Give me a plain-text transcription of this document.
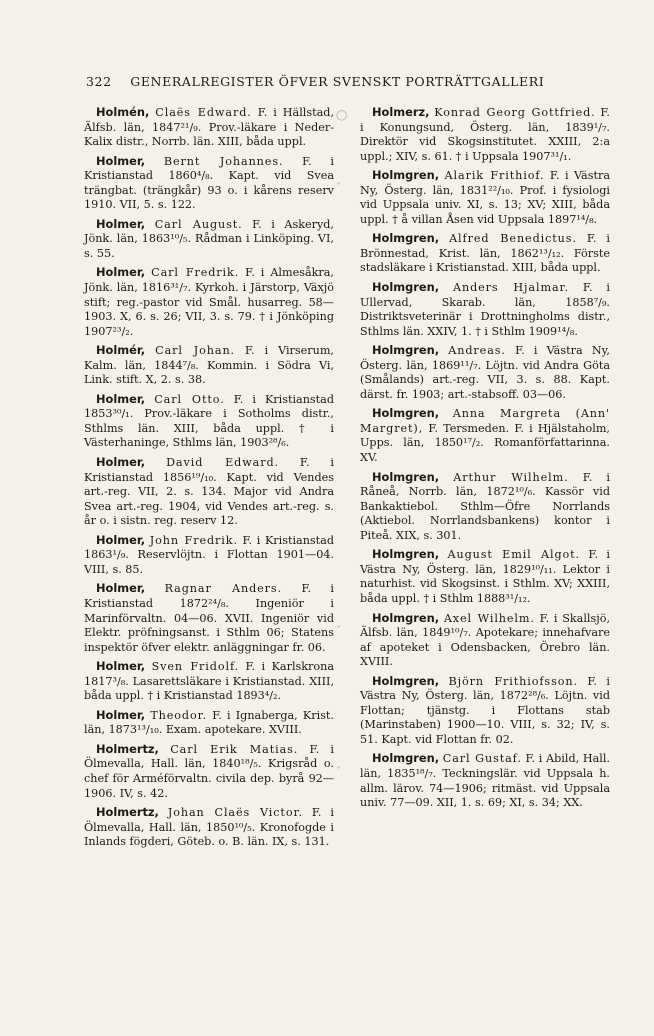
322 GENERALREGISTER ÖFVER SVENSKT PORTRÄTTGALLERI
◯
ˇ
ˇ
ˇ

Holmén, Claës Edward. F. i Hällstad, Älfsb. län, 1847²¹/₉. Prov.-läkare i Neder-Kalix distr., Norrb. län. XIII, båda uppl.

Holmer, Bernt Johannes. F. i Kristianstad 1860⁴/₈. Kapt. vid Svea trängbat. (trängkår) 93 o. i kårens reserv 1910. VII, 5. s. 122.

Holmer, Carl August. F. i Askeryd, Jönk. län, 1863¹⁰/₅. Rådman i Linköping. VI, s. 55.

Holmer, Carl Fredrik. F. i Almesåkra, Jönk. län, 1816³¹/₇. Kyrkoh. i Järstorp, Växjö stift; reg.-pastor vid Smål. husarreg. 58—1903. X, 6. s. 26; VII, 3. s. 79. † i Jönköping 1907²³/₂.

Holmér, Carl Johan. F. i Virserum, Kalm. län, 1844⁷/₈. Kommin. i Södra Vi, Link. stift. X, 2. s. 38.

Holmer, Carl Otto. F. i Kristianstad 1853³⁰/₁. Prov.-läkare i Sotholms distr., Sthlms län. XIII, båda uppl. † i Västerhaninge, Sthlms län, 1903²⁸/₆.

Holmer, David Edward. F. i Kristianstad 1856¹⁹/₁₀. Kapt. vid Vendes art.-reg. VII, 2. s. 134. Major vid Andra Svea art.-reg. 1904, vid Vendes art.-reg. s. år o. i sistn. reg. reserv 12.

Holmer, John Fredrik. F. i Kristianstad 1863¹/₉. Reservlöjtn. i Flottan 1901—04. VIII, s. 85.

Holmer, Ragnar Anders. F. i Kristianstad 1872²⁴/₈. Ingeniör i Marinförvaltn. 04—06. XVII. Ingeniör vid Elektr. pröfningsanst. i Sthlm 06; Statens inspektör öfver elektr. anläggningar fr. 06.

Holmer, Sven Fridolf. F. i Karlskrona 1817³/₈. Lasarettsläkare i Kristianstad. XIII, båda uppl. † i Kristianstad 1893⁴/₂.

Holmer, Theodor. F. i Ignaberga, Krist. län, 1873¹³/₁₀. Exam. apotekare. XVIII.

Holmertz, Carl Erik Matias. F. i Ölmevalla, Hall. län, 1840¹⁸/₅. Krigsråd o. chef för Arméförvaltn. civila dep. byrå 92—1906. IV, s. 42.

Holmertz, Johan Claës Victor. F. i Ölmevalla, Hall. län, 1850¹⁰/₅. Kronofogde i Inlands fögderi, Göteb. o. B. län. IX, s. 131.

Holmerz, Konrad Georg Gottfried. F. i Konungsund, Österg. län, 1839¹/₇. Direktör vid Skogsinstitutet. XXIII, 2:a uppl.; XIV, s. 61. † i Uppsala 1907³¹/₁.

Holmgren, Alarik Frithiof. F. i Västra Ny, Österg. län, 1831²²/₁₀. Prof. i fysiologi vid Uppsala univ. XI, s. 13; XV; XIII, båda uppl. † å villan Åsen vid Uppsala 1897¹⁴/₈.

Holmgren, Alfred Benedictus. F. i Brönnestad, Krist. län, 1862¹³/₁₂. Förste stadsläkare i Kristianstad. XIII, båda uppl.

Holmgren, Anders Hjalmar. F. i Ullervad, Skarab. län, 1858⁷/₉. Distriktsveterinär i Drottningholms distr., Sthlms län. XXIV, 1. † i Sthlm 1909¹⁴/₈.

Holmgren, Andreas. F. i Västra Ny, Österg. län, 1869¹¹/₇. Löjtn. vid Andra Göta (Smålands) art.-reg. VII, 3. s. 88. Kapt. därst. fr. 1903; art.-stabsoff. 03—06.

Holmgren, Anna Margreta (Ann' Margret), F. Tersmeden. F. i Hjälstaholm, Upps. län, 1850¹⁷/₂. Romanförfattarinna. XV.

Holmgren, Arthur Wilhelm. F. i Råneå, Norrb. län, 1872¹⁰/₆. Kassör vid Bankaktiebol. Sthlm—Öfre Norrlands (Aktiebol. Norrlandsbankens) kontor i Piteå. XIX, s. 301.

Holmgren, August Emil Algot. F. i Västra Ny, Österg. län, 1829¹⁰/₁₁. Lektor i naturhist. vid Skogsinst. i Sthlm. XV; XXIII, båda uppl. † i Sthlm 1888³¹/₁₂.

Holmgren, Axel Wilhelm. F. i Skallsjö, Älfsb. län, 1849¹⁰/₇. Apotekare; innehafvare af apoteket i Odensbacken, Örebro län. XVIII.

Holmgren, Björn Frithiofsson. F. i Västra Ny, Österg. län, 1872²⁸/₆. Löjtn. vid Flottan; tjänstg. i Flottans stab (Marinstaben) 1900—10. VIII, s. 32; IV, s. 51. Kapt. vid Flottan fr. 02.

Holmgren, Carl Gustaf. F. i Abild, Hall. län, 1835¹⁸/₇. Teckningslär. vid Uppsala h. allm. lärov. 74—1906; ritmäst. vid Uppsala univ. 77—09. XII, 1. s. 69; XI, s. 34; XX.
